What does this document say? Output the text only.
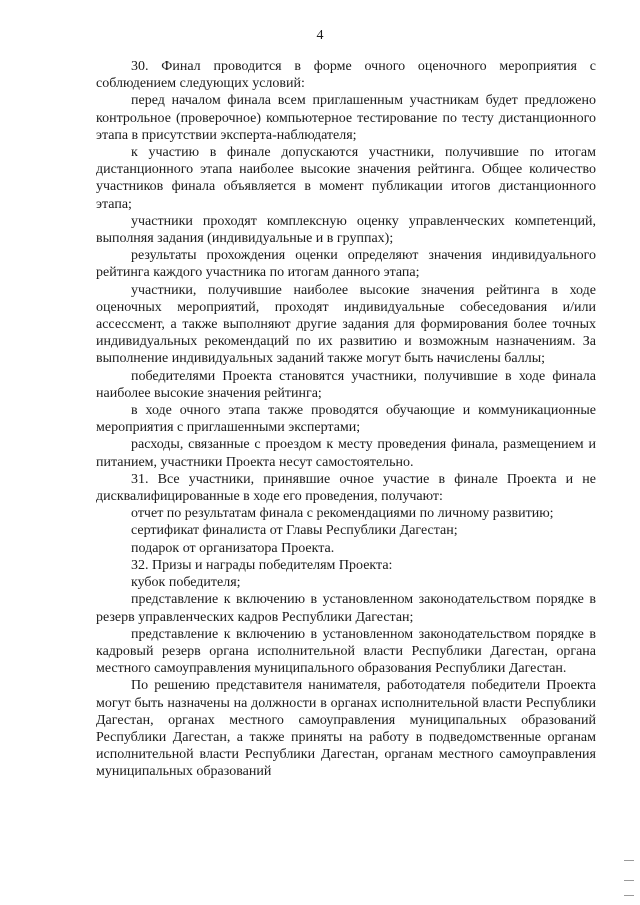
4

30. Финал проводится в форме очного оценочного мероприятия с соблюдением следующих условий:

перед началом финала всем приглашенным участникам будет предложено контрольное (проверочное) компьютерное тестирование по тесту дистанционного этапа в присутствии эксперта-наблюдателя;

к участию в финале допускаются участники, получившие по итогам дистанционного этапа наиболее высокие значения рейтинга. Общее количество участников финала объявляется в момент публикации итогов дистанционного этапа;

участники проходят комплексную оценку управленческих компетенций, выполняя задания (индивидуальные и в группах);

результаты прохождения оценки определяют значения индивидуального рейтинга каждого участника по итогам данного этапа;

участники, получившие наиболее высокие значения рейтинга в ходе оценочных мероприятий, проходят индивидуальные собеседования и/или ассессмент, а также выполняют другие задания для формирования более точных индивидуальных рекомендаций по их развитию и возможным назначениям. За выполнение индивидуальных заданий также могут быть начислены баллы;

победителями Проекта становятся участники, получившие в ходе финала наиболее высокие значения рейтинга;

в ходе очного этапа также проводятся обучающие и коммуникационные мероприятия с приглашенными экспертами;

расходы, связанные с проездом к месту проведения финала, размещением и питанием, участники Проекта несут самостоятельно.

31. Все участники, принявшие очное участие в финале Проекта и не дисквалифицированные в ходе его проведения, получают:

отчет по результатам финала с рекомендациями по личному развитию;

сертификат финалиста от Главы Республики Дагестан;

подарок от организатора Проекта.

32. Призы и награды победителям Проекта:

кубок победителя;

представление к включению в установленном законодательством порядке в резерв управленческих кадров Республики Дагестан;

представление к включению в установленном законодательством порядке в кадровый резерв органа исполнительной власти Республики Дагестан, органа местного самоуправления муниципального образования Республики Дагестан.

По решению представителя нанимателя, работодателя победители Проекта могут быть назначены на должности в органах исполнительной власти Республики Дагестан, органах местного самоуправления муниципальных образований Республики Дагестан, а также приняты на работу в подведомственные органам исполнительной власти Республики Дагестан, органам местного самоуправления муниципальных образований
